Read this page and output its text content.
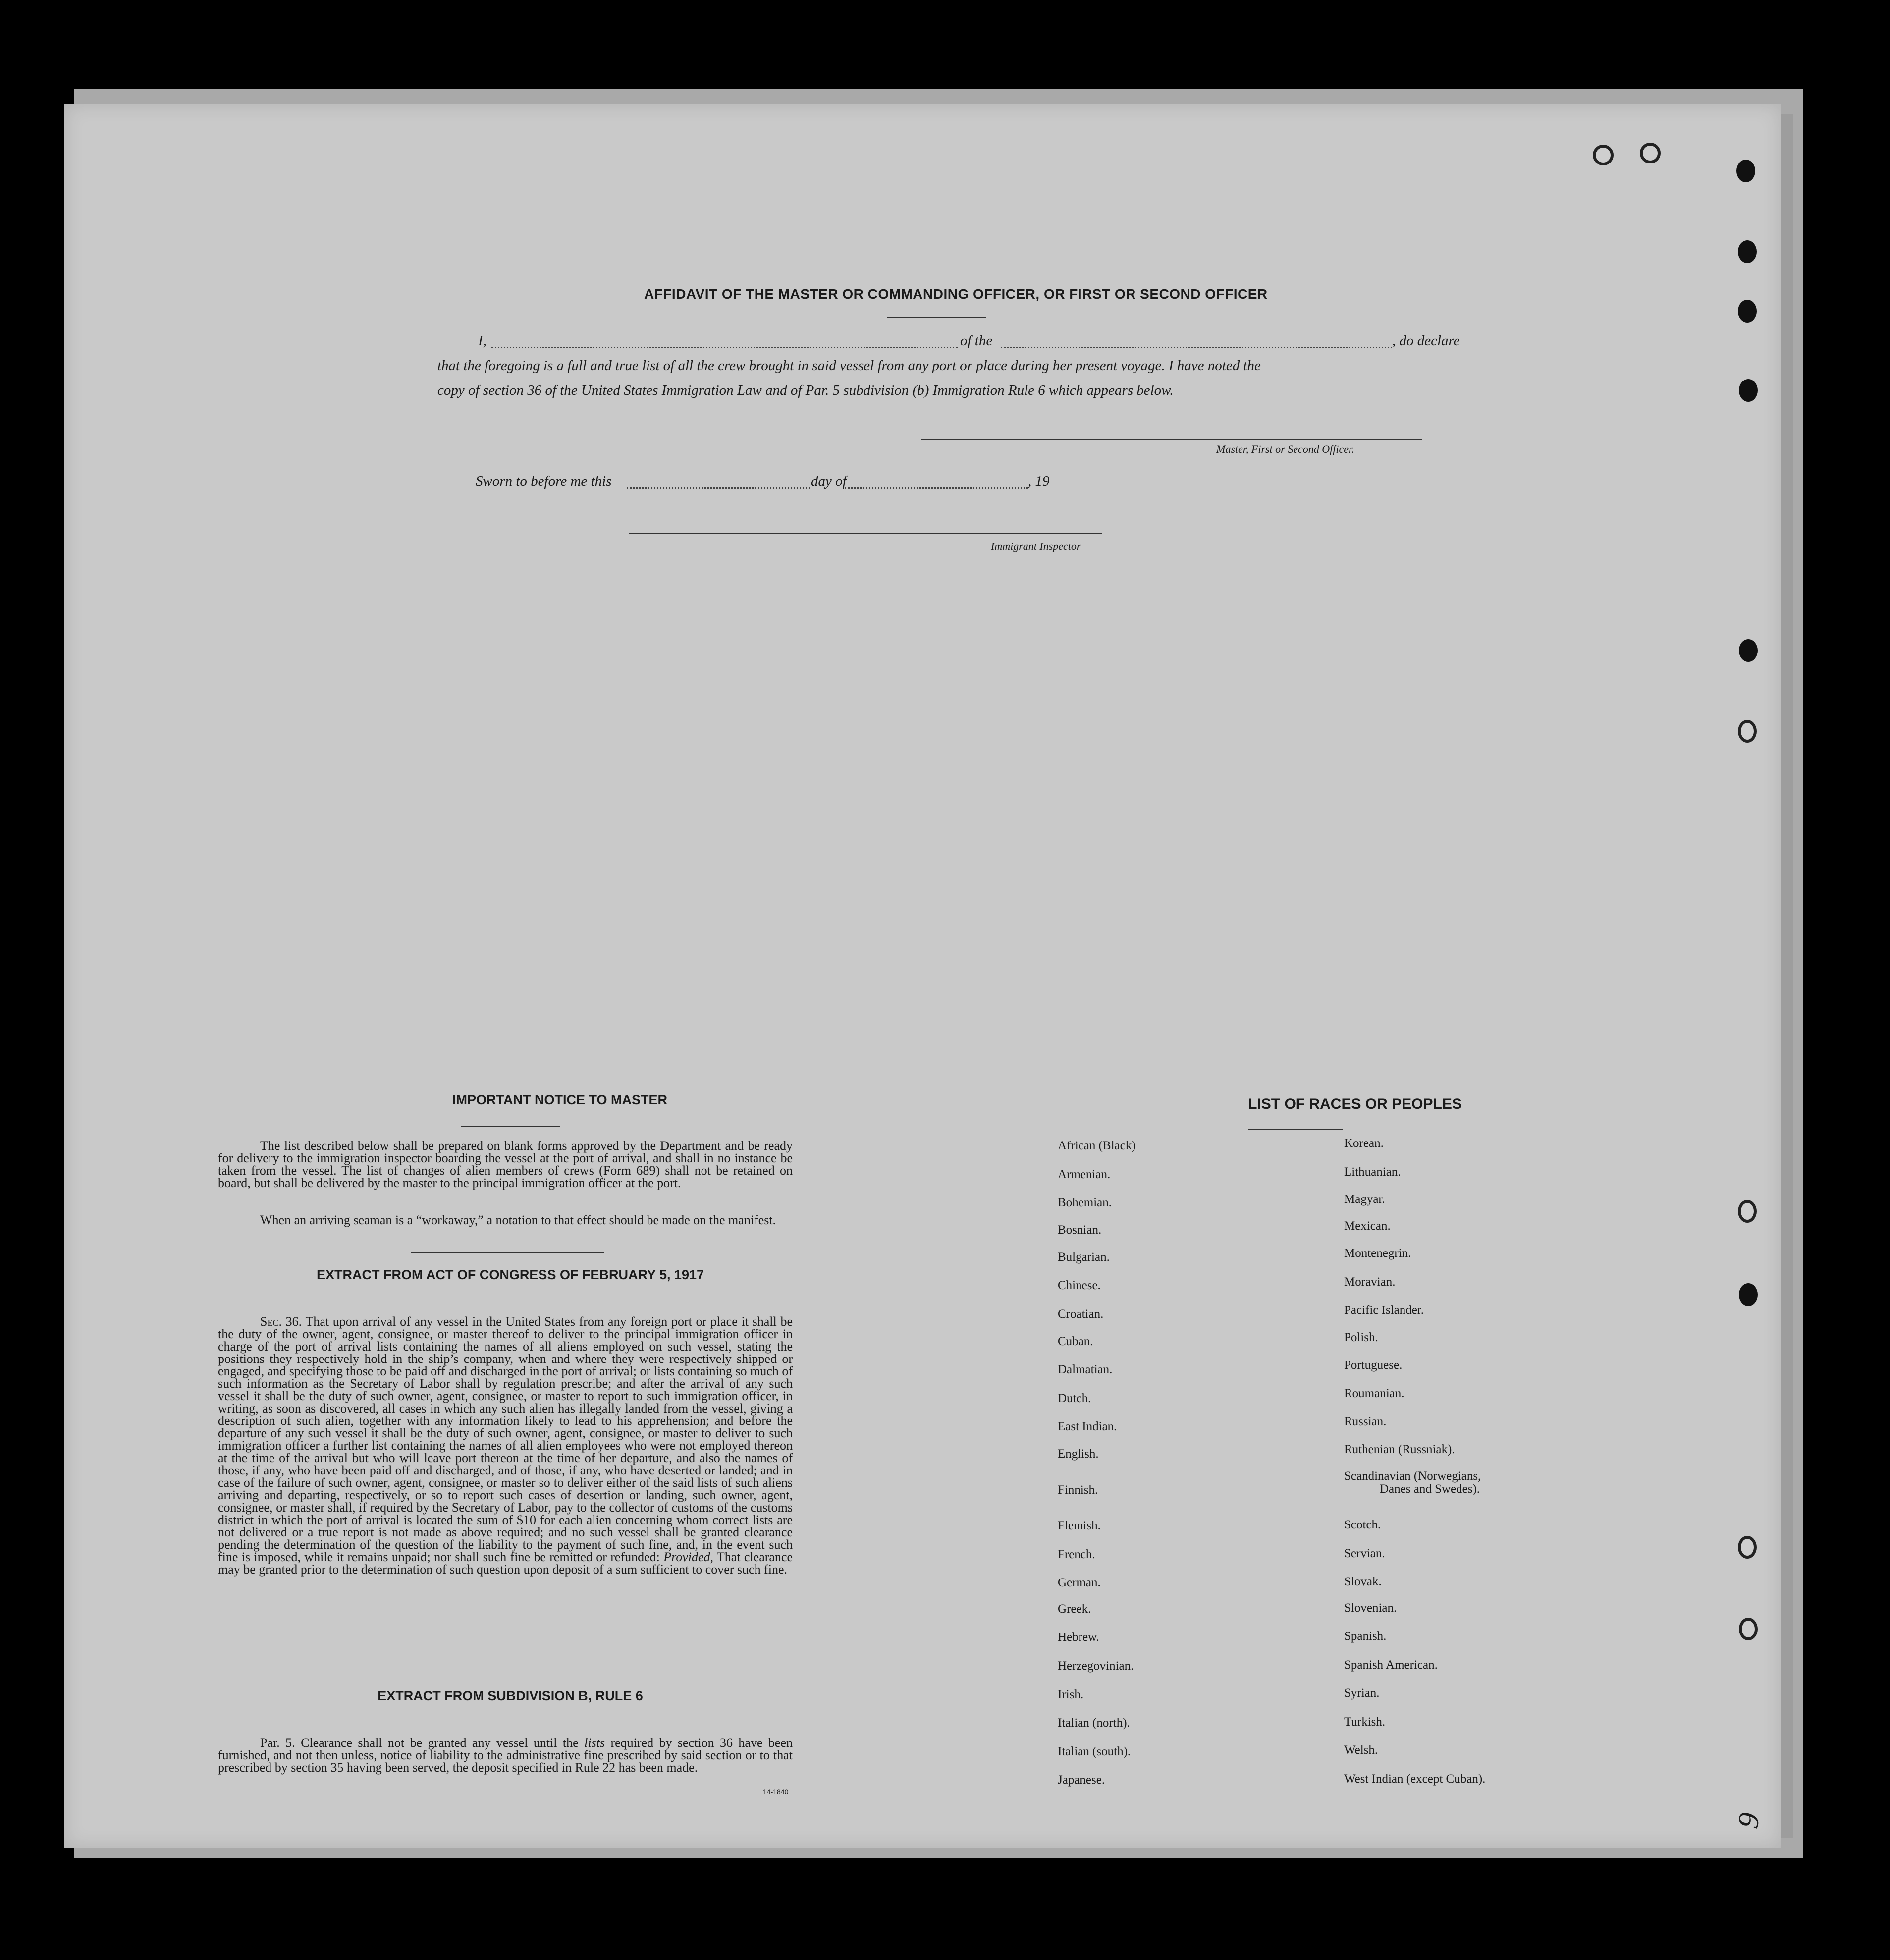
9
AFFIDAVIT OF THE MASTER OR COMMANDING OFFICER, OR FIRST OR SECOND OFFICER
I,	of the	, do declare
that the foregoing is a full and true list of all the crew brought in said vessel from any port or place during her present voyage. I have noted the
copy of section 36 of the United States Immigration Law and of Par. 5 subdivision (b) Immigration Rule 6 which appears below.
Master, First or Second Officer.
Sworn to before me this	day of	, 19
Immigrant Inspector
IMPORTANT NOTICE TO MASTER
The list described below shall be prepared on blank forms approved by the Department and be ready for delivery to the immigration inspector boarding the vessel at the port of arrival, and shall in no instance be taken from the vessel. The list of changes of alien members of crews (Form 689) shall not be retained on board, but shall be delivered by the master to the principal immigration officer at the port.
When an arriving seaman is a “workaway,” a notation to that effect should be made on the manifest.
EXTRACT FROM ACT OF CONGRESS OF FEBRUARY 5, 1917
Sec. 36. That upon arrival of any vessel in the United States from any foreign port or place it shall be the duty of the owner, agent, consignee, or master thereof to deliver to the principal immigration officer in charge of the port of arrival lists containing the names of all aliens employed on such vessel, stating the positions they respectively hold in the ship’s company, when and where they were respectively shipped or engaged, and specifying those to be paid off and discharged in the port of arrival; or lists containing so much of such information as the Secretary of Labor shall by regulation prescribe; and after the arrival of any such vessel it shall be the duty of such owner, agent, consignee, or master to report to such immigration officer, in writing, as soon as discovered, all cases in which any such alien has illegally landed from the vessel, giving a description of such alien, together with any information likely to lead to his apprehension; and before the departure of any such vessel it shall be the duty of such owner, agent, consignee, or master to deliver to such immigration officer a further list containing the names of all alien employees who were not employed thereon at the time of the arrival but who will leave port thereon at the time of her departure, and also the names of those, if any, who have been paid off and discharged, and of those, if any, who have deserted or landed; and in case of the failure of such owner, agent, consignee, or master so to deliver either of the said lists of such aliens arriving and departing, respectively, or so to report such cases of desertion or landing, such owner, agent, consignee, or master shall, if required by the Secretary of Labor, pay to the collector of customs of the customs district in which the port of arrival is located the sum of $10 for each alien concerning whom correct lists are not delivered or a true report is not made as above required; and no such vessel shall be granted clearance pending the determination of the question of the liability to the payment of such fine, and, in the event such fine is imposed, while it remains unpaid; nor shall such fine be remitted or refunded: Provided, That clearance may be granted prior to the determination of such question upon deposit of a sum sufficient to cover such fine.
EXTRACT FROM SUBDIVISION B, RULE 6
Par. 5. Clearance shall not be granted any vessel until the lists required by section 36 have been furnished, and not then unless, notice of liability to the administrative fine prescribed by said section or to that prescribed by section 35 having been served, the deposit specified in Rule 22 has been made.
14-1840
LIST OF RACES OR PEOPLES
African (Black)
Armenian.
Bohemian.
Bosnian.
Bulgarian.
Chinese.
Croatian.
Cuban.
Dalmatian.
Dutch.
East Indian.
English.
Finnish.
Flemish.
French.
German.
Greek.
Hebrew.
Herzegovinian.
Irish.
Italian (north).
Italian (south).
Japanese.
Korean.
Lithuanian.
Magyar.
Mexican.
Montenegrin.
Moravian.
Pacific Islander.
Polish.
Portuguese.
Roumanian.
Russian.
Ruthenian (Russniak).
Scandinavian (Norwegians,
Danes and Swedes).
Scotch.
Servian.
Slovak.
Slovenian.
Spanish.
Spanish American.
Syrian.
Turkish.
Welsh.
West Indian (except Cuban).
